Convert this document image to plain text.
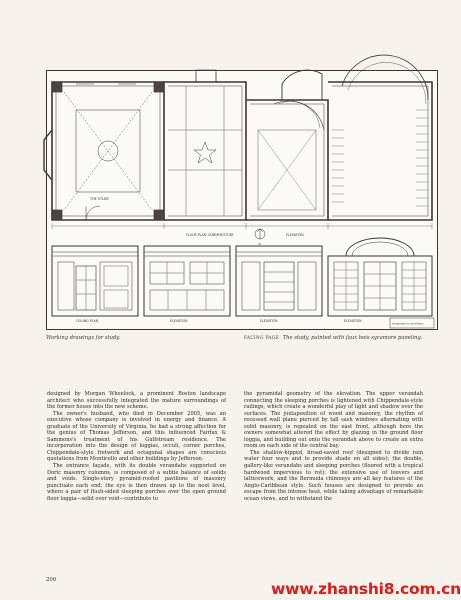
THE STUDY
N
FLOOR PLAN: SUMMER/STUDY	ELEVATION
CEILING PLAN	ELEVATION	ELEVATION	ELEVATION
MORGAN WHEELOCK INCORPORATED
Working drawings for study.	FACING PAGE The study, painted with faux bois sycamore paneling.

designed by Morgan Wheelock, a prominent Boston landscape architect who successfully integrated the mature surroundings of the former house into the new scheme.

The owner's husband, who died in December 2005, was an executive whose company is involved in energy and finance. A graduate of the University of Virginia, he had a strong affection for the genius of Thomas Jefferson, and this influenced Fairfax & Sammons's treatment of his Gulfstream residence. The incorporation into the design of loggias, occuli, corner porches, Chippendale-style fretwork and octagonal shapes are conscious quotations from Monticello and other buildings by Jefferson.

The entrance façade, with its double verandahs supported on Doric masonry columns, is composed of a subtle balance of solids and voids. Single-story pyramid-roofed pavilions of masonry punctuate each end; the eye is then drawn up to the next level, where a pair of flush-sided sleeping porches over the open ground floor loggia—solid over void—contribute to

the pyramidal geometry of the elevation. The upper verandah connecting the sleeping porches is lightened with Chippendale-style railings, which create a wonderful play of light and shadow over the surfaces. The juxtaposition of wood and masonry, the rhythm of recessed wall plane pierced by tall sash windows alternating with solid masonry, is repeated on the east front, although here the owners somewhat altered the effect by glazing in the ground floor loggia, and building out onto the verandah above to create an extra room on each side of the central bay.

The shallow-hipped, broad-eaved roof (designed to divide rain water four ways and to provide shade on all sides); the double, gallery-like verandahs and sleeping porches (floored with a tropical hardwood impervious to rot); the extensive use of louvers and latticework, and the Bermuda chimneys are all key features of the Anglo-Caribbean style. Such houses are designed to provide an escape from the intense heat, while taking advantage of remarkable ocean views, and to withstand the

206	www.zhanshi8.com.cn
